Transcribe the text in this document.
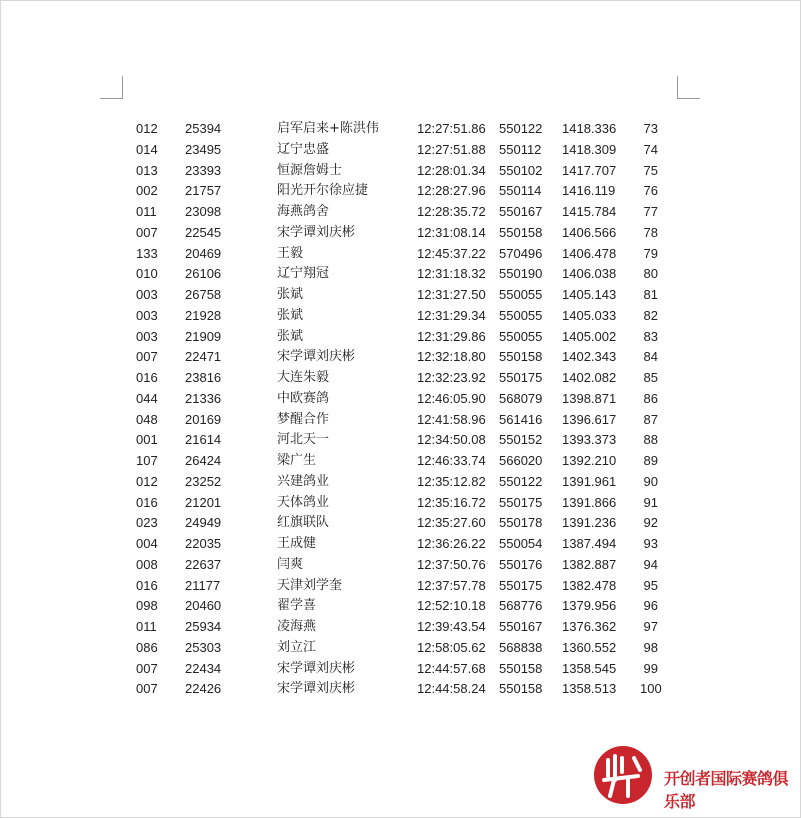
012 25394	启军启来+陈洪伟	12:27:51.86 550122 1418.336 73
014 23495	辽宁忠盛	12:27:51.88 550112 1418.309 74
013 23393	恒源詹姆士	12:28:01.34 550102 1417.707 75
002 21757	阳光开尔徐应捷	12:28:27.96 550114 1416.119 76
011 23098	海燕鸽舍	12:28:35.72 550167 1415.784 77
007 22545	宋学谭刘庆彬	12:31:08.14 550158 1406.566 78
133 20469	王毅	12:45:37.22 570496 1406.478 79
010 26106	辽宁翔冠	12:31:18.32 550190 1406.038 80
003 26758	张斌	12:31:27.50 550055 1405.143 81
003 21928	张斌	12:31:29.34 550055 1405.033 82
003 21909	张斌	12:31:29.86 550055 1405.002 83
007 22471	宋学谭刘庆彬	12:32:18.80 550158 1402.343 84
016 23816	大连朱毅	12:32:23.92 550175 1402.082 85
044 21336	中欧赛鸽	12:46:05.90 568079 1398.871 86
048 20169	梦醒合作	12:41:58.96 561416 1396.617 87
001 21614	河北天一	12:34:50.08 550152 1393.373 88
107 26424	梁广生	12:46:33.74 566020 1392.210 89
012 23252	兴建鸽业	12:35:12.82 550122 1391.961 90
016 21201	天体鸽业	12:35:16.72 550175 1391.866 91
023 24949	红旗联队	12:35:27.60 550178 1391.236 92
004 22035	王成健	12:36:26.22 550054 1387.494 93
008 22637	闫爽	12:37:50.76 550176 1382.887 94
016 21177	天津刘学奎	12:37:57.78 550175 1382.478 95
098 20460	翟学喜	12:52:10.18 568776 1379.956 96
011 25934	凌海燕	12:39:43.54 550167 1376.362 97
086 25303	刘立江	12:58:05.62 568838 1360.552 98
007 22434	宋学谭刘庆彬	12:44:57.68 550158 1358.545 99
007 22426	宋学谭刘庆彬	12:44:58.24 550158 1358.513 100
开创者国际赛鸽俱乐部
